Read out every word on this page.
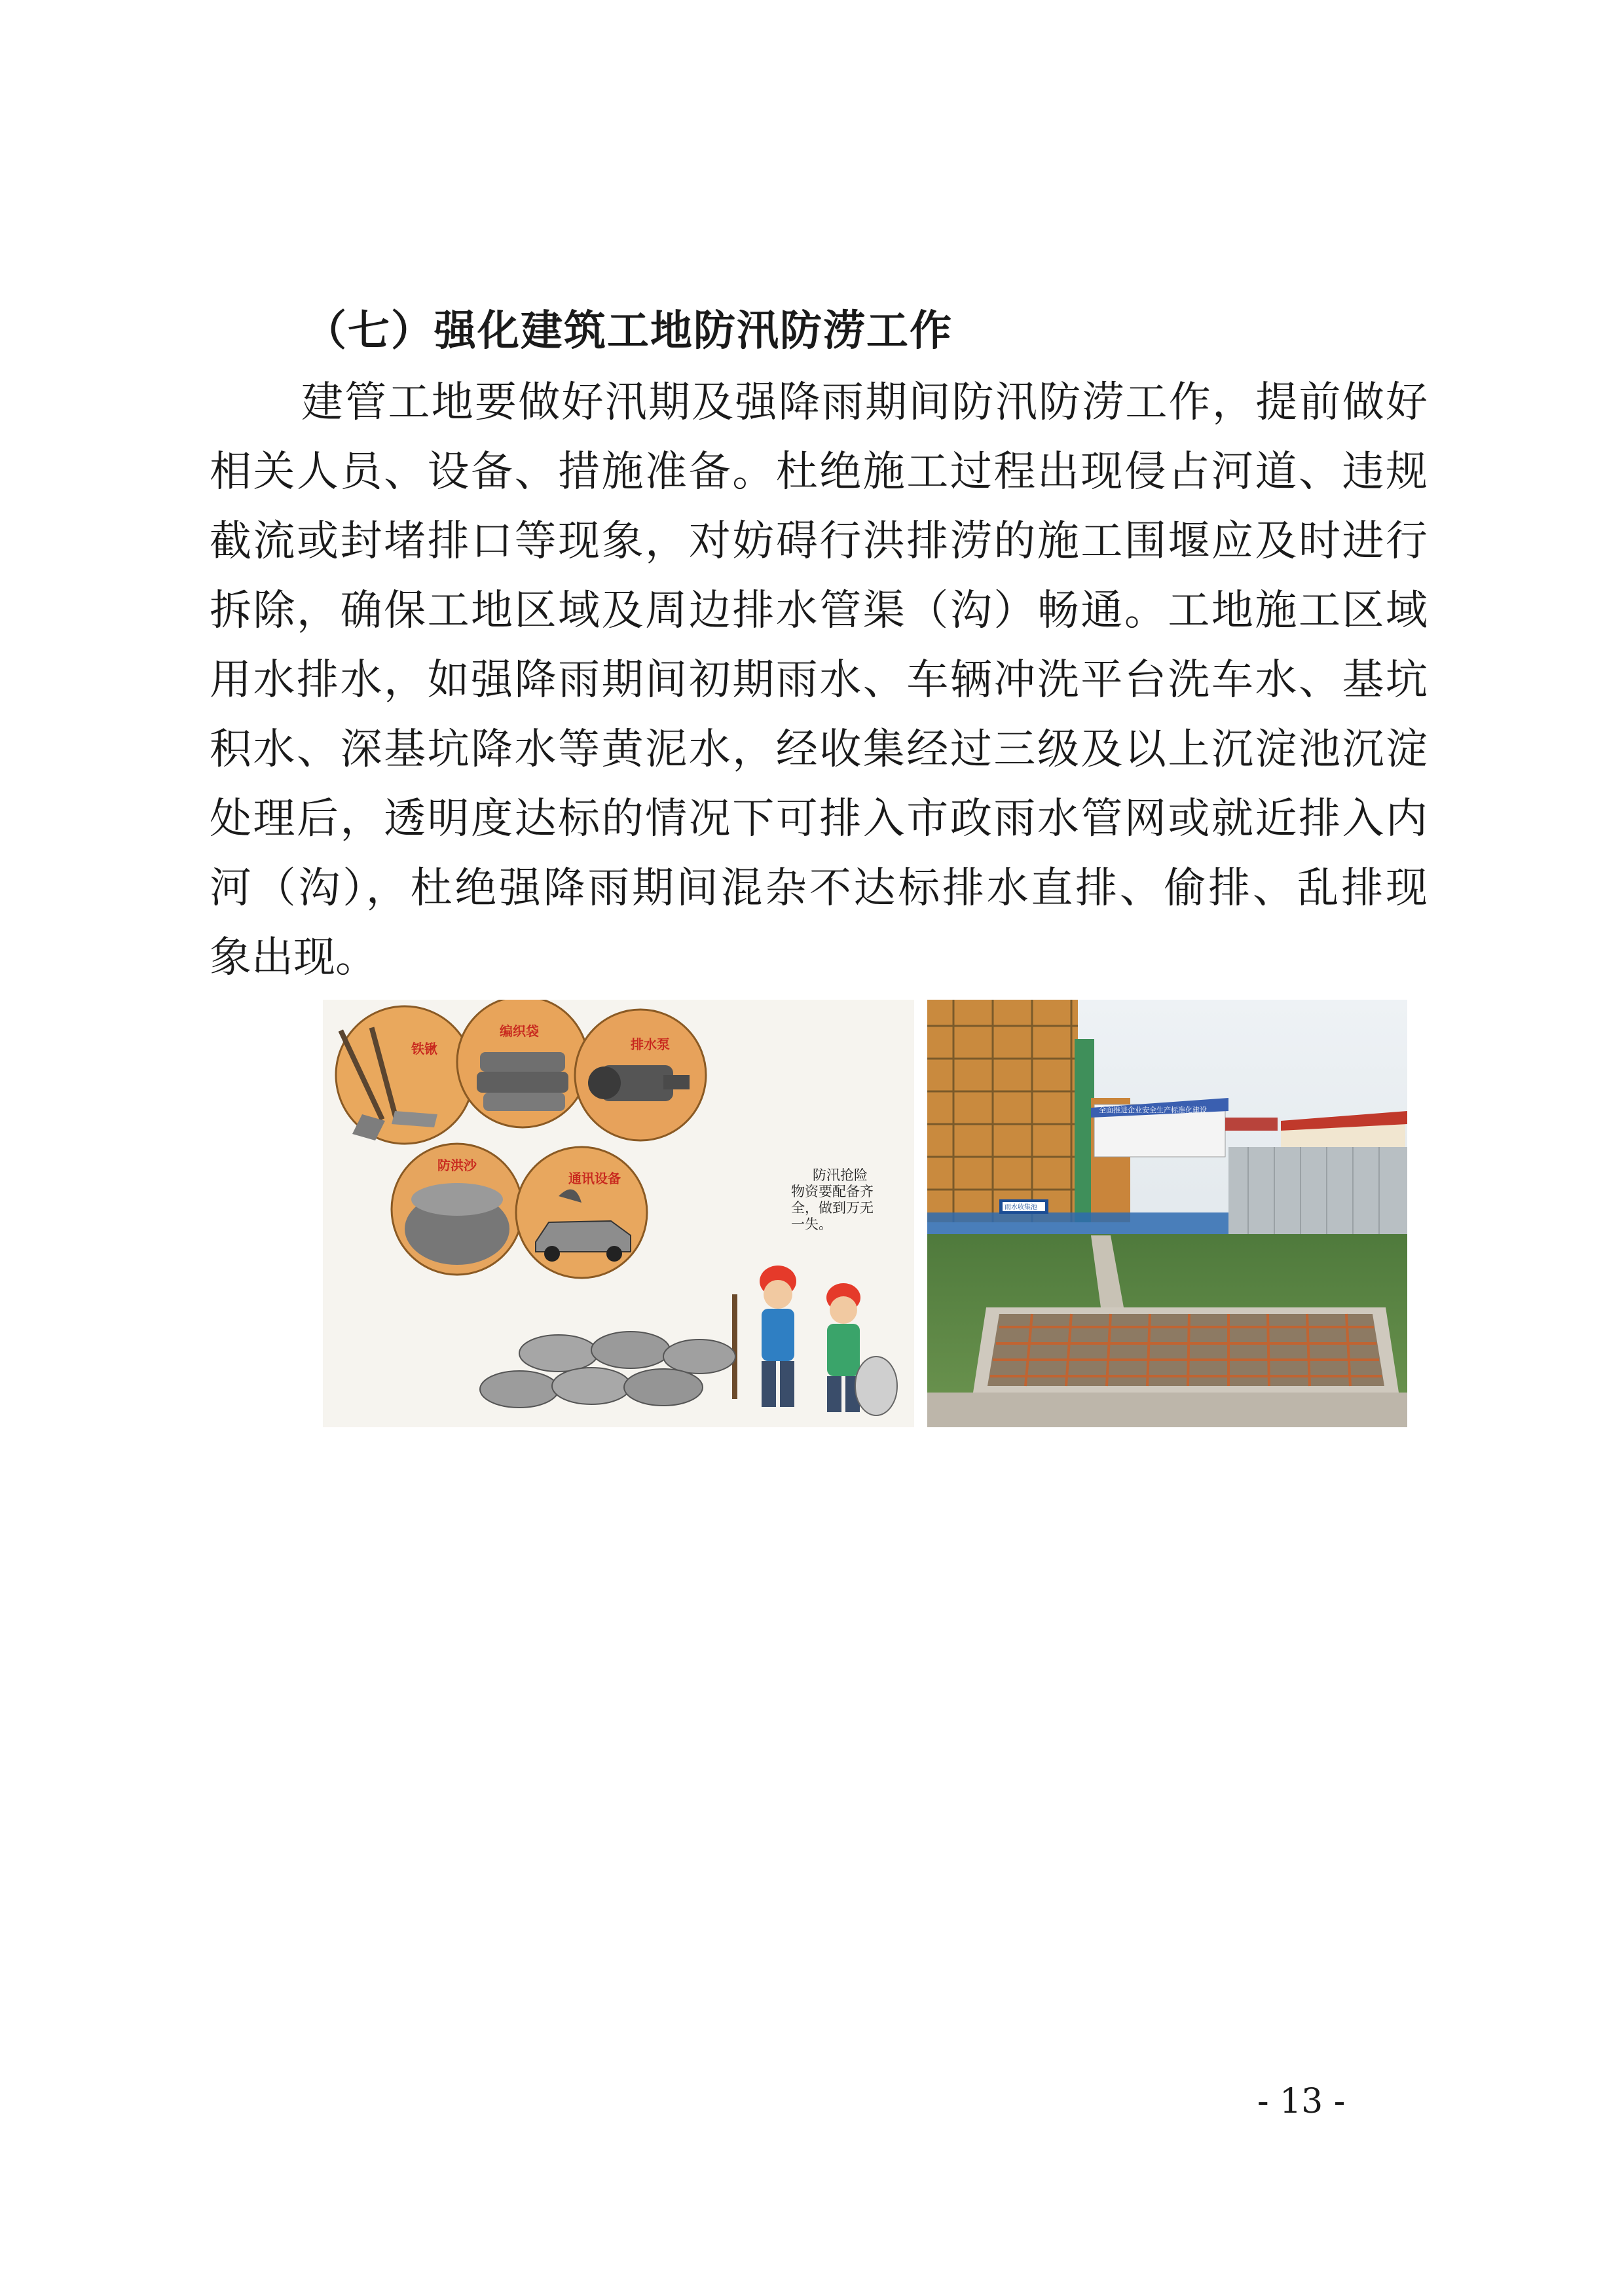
（七）强化建筑工地防汛防涝工作
建管工地要做好汛期及强降雨期间防汛防涝工作，提前做好
相关人员、设备、措施准备。杜绝施工过程出现侵占河道、违规
截流或封堵排口等现象，对妨碍行洪排涝的施工围堰应及时进行
拆除，确保工地区域及周边排水管渠（沟）畅通。工地施工区域
用水排水，如强降雨期间初期雨水、车辆冲洗平台洗车水、基坑
积水、深基坑降水等黄泥水，经收集经过三级及以上沉淀池沉淀
处理后，透明度达标的情况下可排入市政雨水管网或就近排入内
河（沟），杜绝强降雨期间混杂不达标排水直排、偷排、乱排现
象出现。
铁锹
编织袋
排水泵
防洪沙
通讯设备	防汛抢险
物资要配备齐
全，做到万无
一失。
全面推进企业安全生产标准化建设
雨水收集池
- 13 -
